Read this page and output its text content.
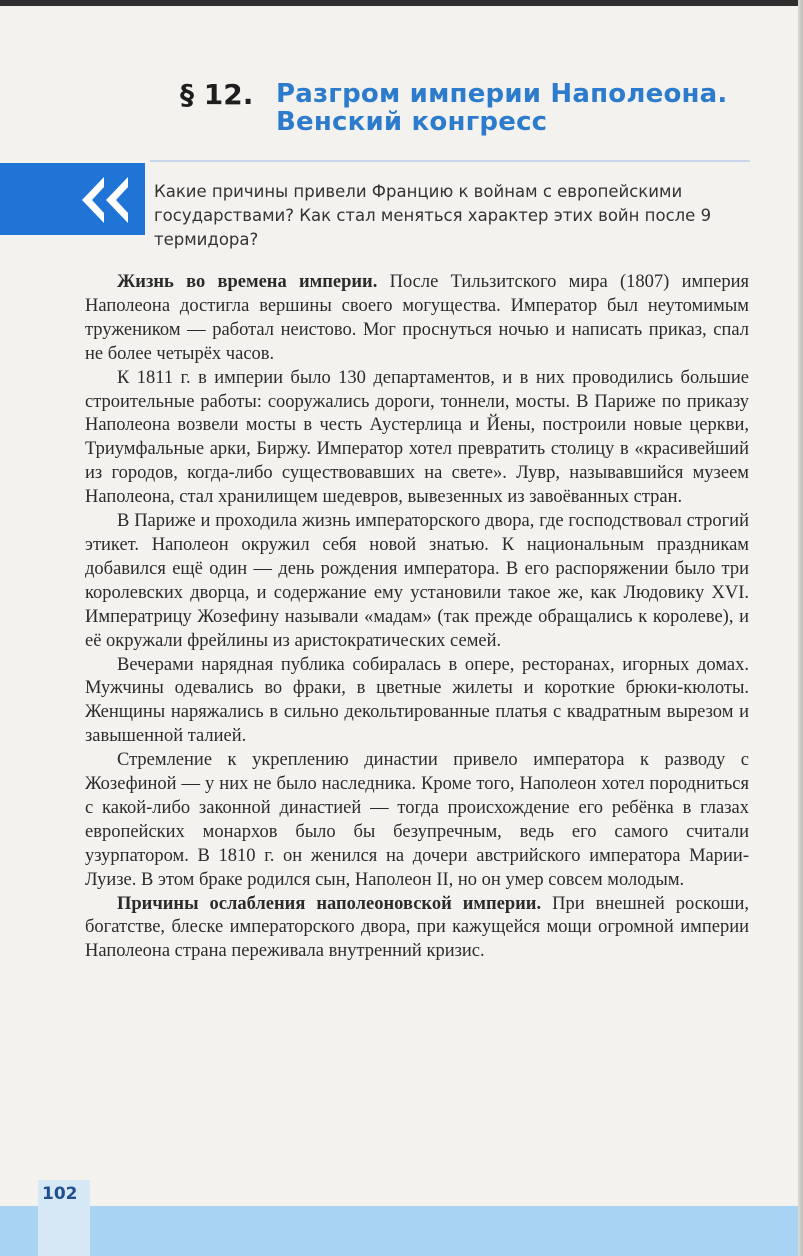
§ 12. Разгром империи Наполеона.
Венский конгресс
Какие причины привели Францию к войнам с европейскими государствами? Как стал меняться характер этих войн после 9 термидора?

Жизнь во времена империи. После Тильзитского мира (1807) империя Наполеона достигла вершины своего могущества. Император был неутомимым тружеником — работал неистово. Мог проснуться ночью и написать приказ, спал не более четырёх часов.

К 1811 г. в империи было 130 департаментов, и в них проводились большие строительные работы: сооружались дороги, тоннели, мосты. В Париже по приказу Наполеона возвели мосты в честь Аустерлица и Йены, построили новые церкви, Триумфальные арки, Биржу. Император хотел превратить столицу в «красивейший из городов, когда-либо существовавших на свете». Лувр, называвшийся музеем Наполеона, стал хранилищем шедевров, вывезенных из завоёванных стран.

В Париже и проходила жизнь императорского двора, где господствовал строгий этикет. Наполеон окружил себя новой знатью. К национальным праздникам добавился ещё один — день рождения императора. В его распоряжении было три королевских дворца, и содержание ему установили такое же, как Людовику XVI. Императрицу Жозефину называли «мадам» (так прежде обращались к королеве), и её окружали фрейлины из аристократических семей.

Вечерами нарядная публика собиралась в опере, ресторанах, игорных домах. Мужчины одевались во фраки, в цветные жилеты и короткие брюки-кюлоты. Женщины наряжались в сильно декольтированные платья с квадратным вырезом и завышенной талией.

Стремление к укреплению династии привело императора к разводу с Жозефиной — у них не было наследника. Кроме того, Наполеон хотел породниться с какой-либо законной династией — тогда происхождение его ребёнка в глазах европейских монархов было бы безупречным, ведь его самого считали узурпатором. В 1810 г. он женился на дочери австрийского императора Марии-Луизе. В этом браке родился сын, Наполеон II, но он умер совсем молодым.

Причины ослабления наполеоновской империи. При внешней роскоши, богатстве, блеске императорского двора, при кажущейся мощи огромной империи Наполеона страна переживала внутренний кризис.

102
